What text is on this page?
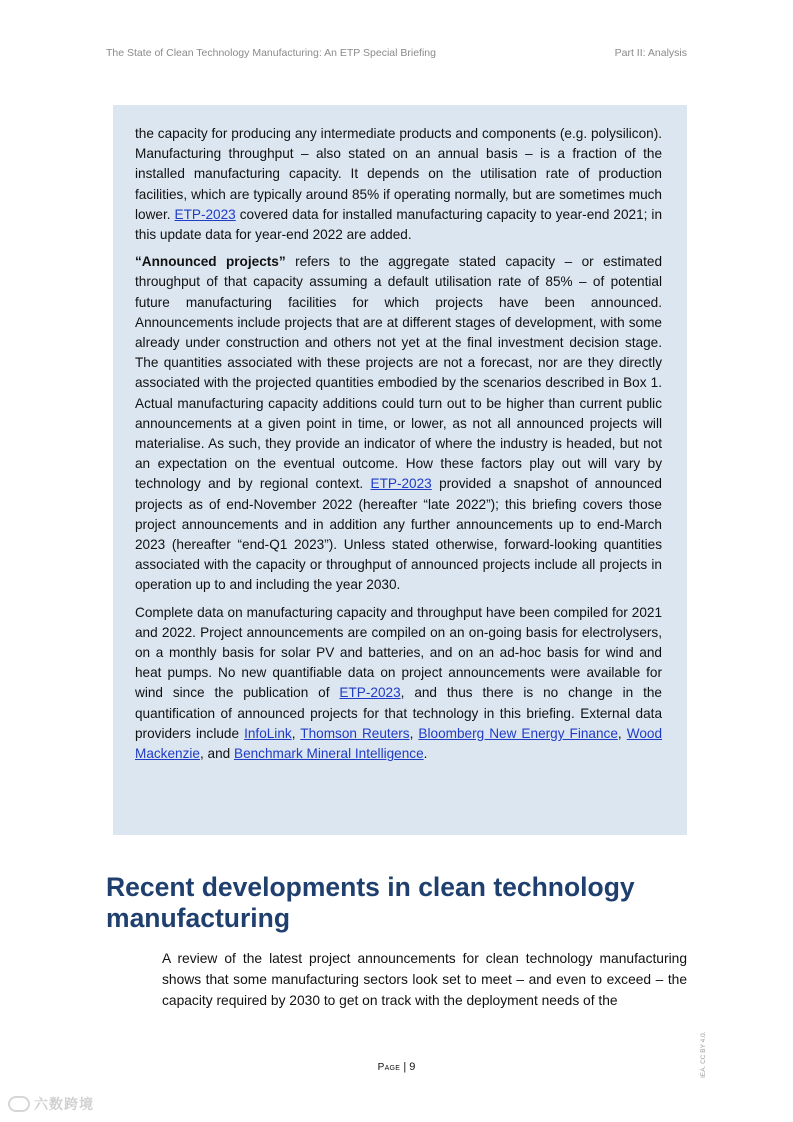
The State of Clean Technology Manufacturing: An ETP Special Briefing	Part II: Analysis

the capacity for producing any intermediate products and components (e.g. polysilicon). Manufacturing throughput – also stated on an annual basis – is a fraction of the installed manufacturing capacity. It depends on the utilisation rate of production facilities, which are typically around 85% if operating normally, but are sometimes much lower. ETP-2023 covered data for installed manufacturing capacity to year-end 2021; in this update data for year-end 2022 are added.

“Announced projects” refers to the aggregate stated capacity – or estimated throughput of that capacity assuming a default utilisation rate of 85% – of potential future manufacturing facilities for which projects have been announced. Announcements include projects that are at different stages of development, with some already under construction and others not yet at the final investment decision stage. The quantities associated with these projects are not a forecast, nor are they directly associated with the projected quantities embodied by the scenarios described in Box 1. Actual manufacturing capacity additions could turn out to be higher than current public announcements at a given point in time, or lower, as not all announced projects will materialise. As such, they provide an indicator of where the industry is headed, but not an expectation on the eventual outcome. How these factors play out will vary by technology and by regional context. ETP-2023 provided a snapshot of announced projects as of end-November 2022 (hereafter “late 2022”); this briefing covers those project announcements and in addition any further announcements up to end-March 2023 (hereafter “end-Q1 2023”). Unless stated otherwise, forward-looking quantities associated with the capacity or throughput of announced projects include all projects in operation up to and including the year 2030.

Complete data on manufacturing capacity and throughput have been compiled for 2021 and 2022. Project announcements are compiled on an on-going basis for electrolysers, on a monthly basis for solar PV and batteries, and on an ad-hoc basis for wind and heat pumps. No new quantifiable data on project announcements were available for wind since the publication of ETP-2023, and thus there is no change in the quantification of announced projects for that technology in this briefing. External data providers include InfoLink, Thomson Reuters, Bloomberg New Energy Finance, Wood Mackenzie, and Benchmark Mineral Intelligence.

Recent developments in clean technology manufacturing

A review of the latest project announcements for clean technology manufacturing shows that some manufacturing sectors look set to meet – and even to exceed – the capacity required by 2030 to get on track with the deployment needs of the

Page | 9	IEA. CC BY 4.0.
六数跨境
